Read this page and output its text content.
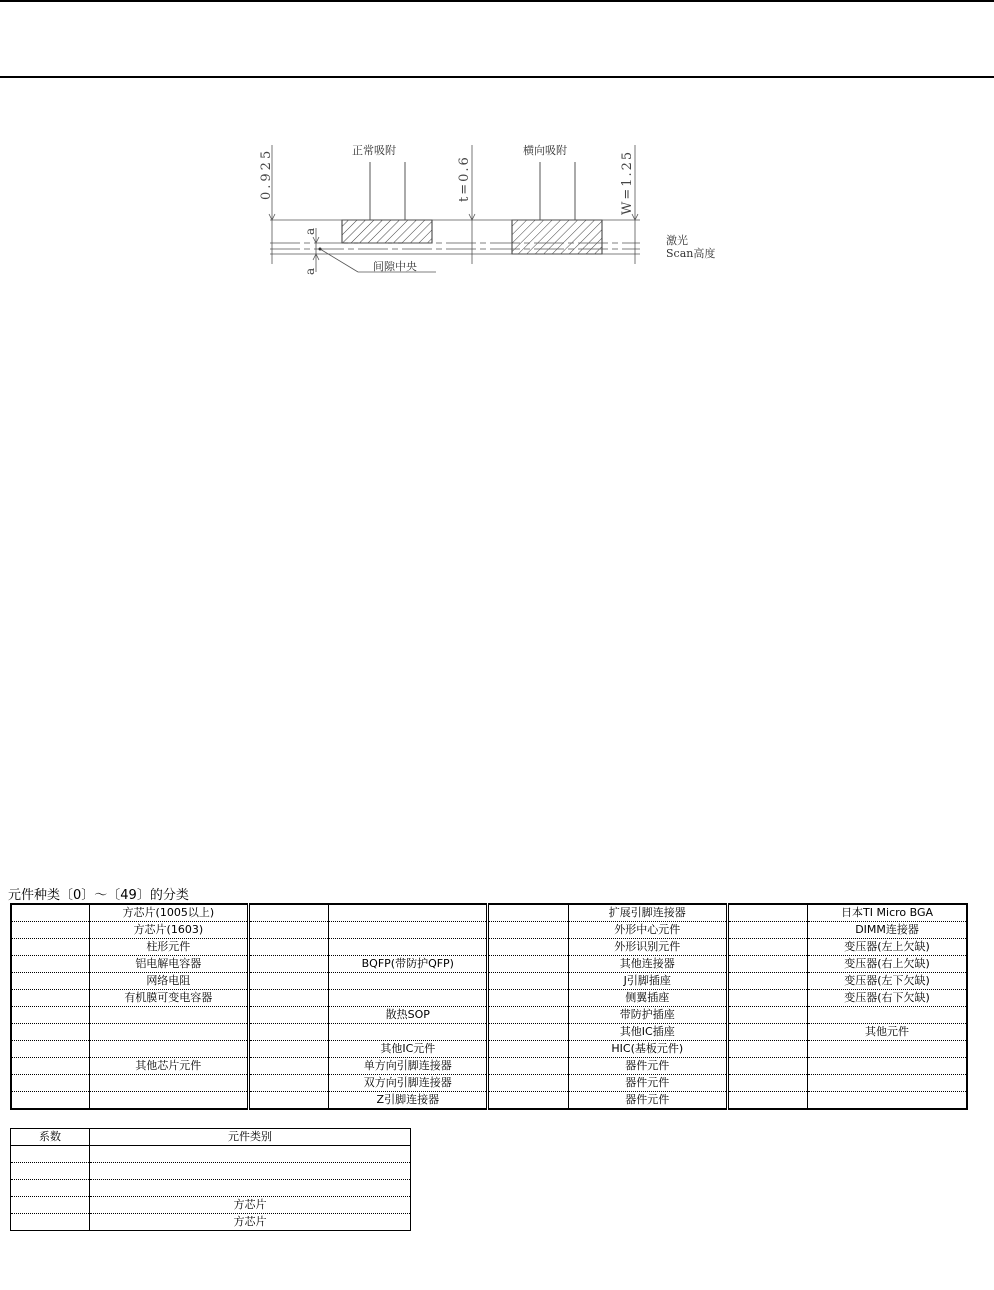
正常吸附	横向吸附
0.925	t=0.6	W=1.25
a
a	间隙中央
激光
Scan高度
元件种类〔0〕～〔49〕的分类
	方芯片(1005以上)				扩展引脚连接器		日本TI Micro BGA
	方芯片(1603)				外形中心元件		DIMM连接器
	柱形元件				外形识别元件		变压器(左上欠缺)
	铝电解电容器		BQFP(带防护QFP)		其他连接器		变压器(右上欠缺)
	网络电阻				J引脚插座		变压器(左下欠缺)
	有机膜可变电容器				侧翼插座		变压器(右下欠缺)
			散热SOP		带防护插座		
					其他IC插座		其他元件
			其他IC元件		HIC(基板元件)		
	其他芯片元件		单方向引脚连接器		器件元件		
			双方向引脚连接器		器件元件		
			Z引脚连接器		器件元件		
系数	元件类别

	方芯片
	方芯片
